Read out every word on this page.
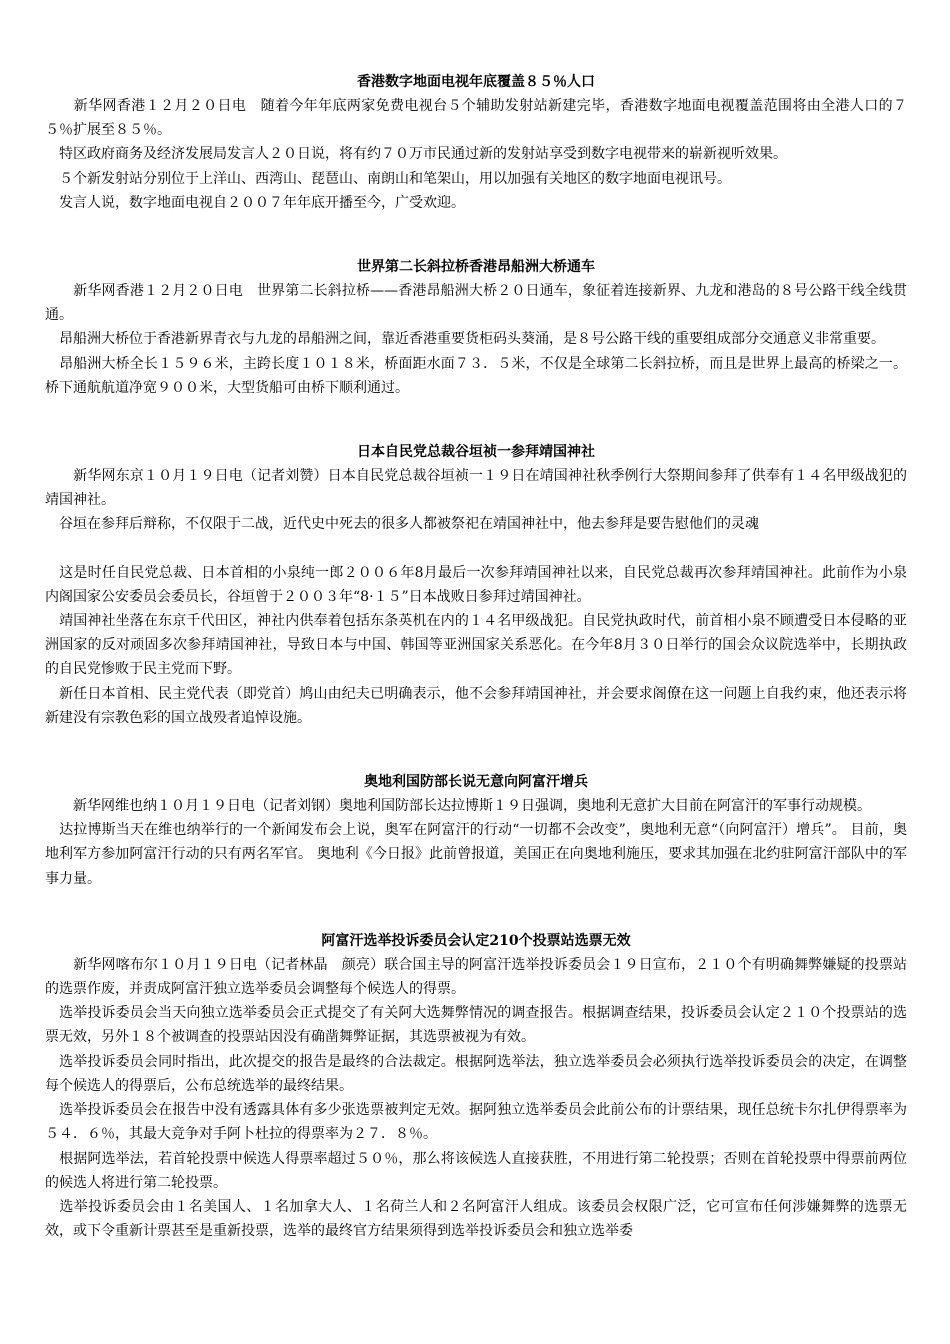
香港数字地面电视年底覆盖８５％人口

　　新华网香港１２月２０日电　随着今年年底两家免费电视台５个辅助发射站新建完毕，香港数字地面电视覆盖范围将由全港人口的７５％扩展至８５％。

　特区政府商务及经济发展局发言人２０日说，将有约７０万市民通过新的发射站享受到数字电视带来的崭新视听效果。

　５个新发射站分别位于上洋山、西湾山、琵琶山、南朗山和笔架山，用以加强有关地区的数字地面电视讯号。

　发言人说，数字地面电视自２００７年年底开播至今，广受欢迎。

世界第二长斜拉桥香港昂船洲大桥通车

　　新华网香港１２月２０日电　世界第二长斜拉桥——香港昂船洲大桥２０日通车，象征着连接新界、九龙和港岛的８号公路干线全线贯通。

　昂船洲大桥位于香港新界青衣与九龙的昂船洲之间，靠近香港重要货柜码头葵涌，是８号公路干线的重要组成部分交通意义非常重要。

　昂船洲大桥全长１５９６米，主跨长度１０１８米，桥面距水面７３．５米，不仅是全球第二长斜拉桥，而且是世界上最高的桥梁之一。桥下通航航道净宽９００米，大型货船可由桥下顺利通过。

日本自民党总裁谷垣祯一参拜靖国神社

　　新华网东京１０月１９日电（记者刘赞）日本自民党总裁谷垣祯一１９日在靖国神社秋季例行大祭期间参拜了供奉有１４名甲级战犯的靖国神社。

　谷垣在参拜后辩称，不仅限于二战，近代史中死去的很多人都被祭祀在靖国神社中，他去参拜是要告慰他们的灵魂

　这是时任自民党总裁、日本首相的小泉纯一郎２００６年8月最后一次参拜靖国神社以来，自民党总裁再次参拜靖国神社。此前作为小泉内阁国家公安委员会委员长，谷垣曾于２００３年“8·１５”日本战败日参拜过靖国神社。

　靖国神社坐落在东京千代田区，神社内供奉着包括东条英机在内的１４名甲级战犯。自民党执政时代，前首相小泉不顾遭受日本侵略的亚洲国家的反对顽固多次参拜靖国神社，导致日本与中国、韩国等亚洲国家关系恶化。在今年8月３０日举行的国会众议院选举中，长期执政的自民党惨败于民主党而下野。

　新任日本首相、民主党代表（即党首）鸠山由纪夫已明确表示，他不会参拜靖国神社，并会要求阁僚在这一问题上自我约束，他还表示将新建没有宗教色彩的国立战殁者追悼设施。

奥地利国防部长说无意向阿富汗增兵

　　新华网维也纳１０月１９日电（记者刘钢）奥地利国防部长达拉博斯１９日强调，奥地利无意扩大目前在阿富汗的军事行动规模。

　达拉博斯当天在维也纳举行的一个新闻发布会上说，奥军在阿富汗的行动“一切都不会改变”，奥地利无意“（向阿富汗）增兵”。 目前，奥地利军方参加阿富汗行动的只有两名军官。 奥地利《今日报》此前曾报道，美国正在向奥地利施压，要求其加强在北约驻阿富汗部队中的军事力量。

阿富汗选举投诉委员会认定210个投票站选票无效

　　新华网喀布尔１０月１９日电（记者林晶　颜亮）联合国主导的阿富汗选举投诉委员会１９日宣布，２１０个有明确舞弊嫌疑的投票站的选票作废，并责成阿富汗独立选举委员会调整每个候选人的得票。

　选举投诉委员会当天向独立选举委员会正式提交了有关阿大选舞弊情况的调查报告。根据调查结果，投诉委员会认定２１０个投票站的选票无效，另外１８个被调查的投票站因没有确凿舞弊证据，其选票被视为有效。

　选举投诉委员会同时指出，此次提交的报告是最终的合法裁定。根据阿选举法，独立选举委员会必须执行选举投诉委员会的决定，在调整每个候选人的得票后，公布总统选举的最终结果。

　选举投诉委员会在报告中没有透露具体有多少张选票被判定无效。据阿独立选举委员会此前公布的计票结果，现任总统卡尔扎伊得票率为５４．６％，其最大竞争对手阿卜杜拉的得票率为２７．８％。

　根据阿选举法，若首轮投票中候选人得票率超过５０％，那么将该候选人直接获胜，不用进行第二轮投票；否则在首轮投票中得票前两位的候选人将进行第二轮投票。

　选举投诉委员会由１名美国人、１名加拿大人、１名荷兰人和２名阿富汗人组成。该委员会权限广泛，它可宣布任何涉嫌舞弊的选票无效，或下令重新计票甚至是重新投票，选举的最终官方结果须得到选举投诉委员会和独立选举委
